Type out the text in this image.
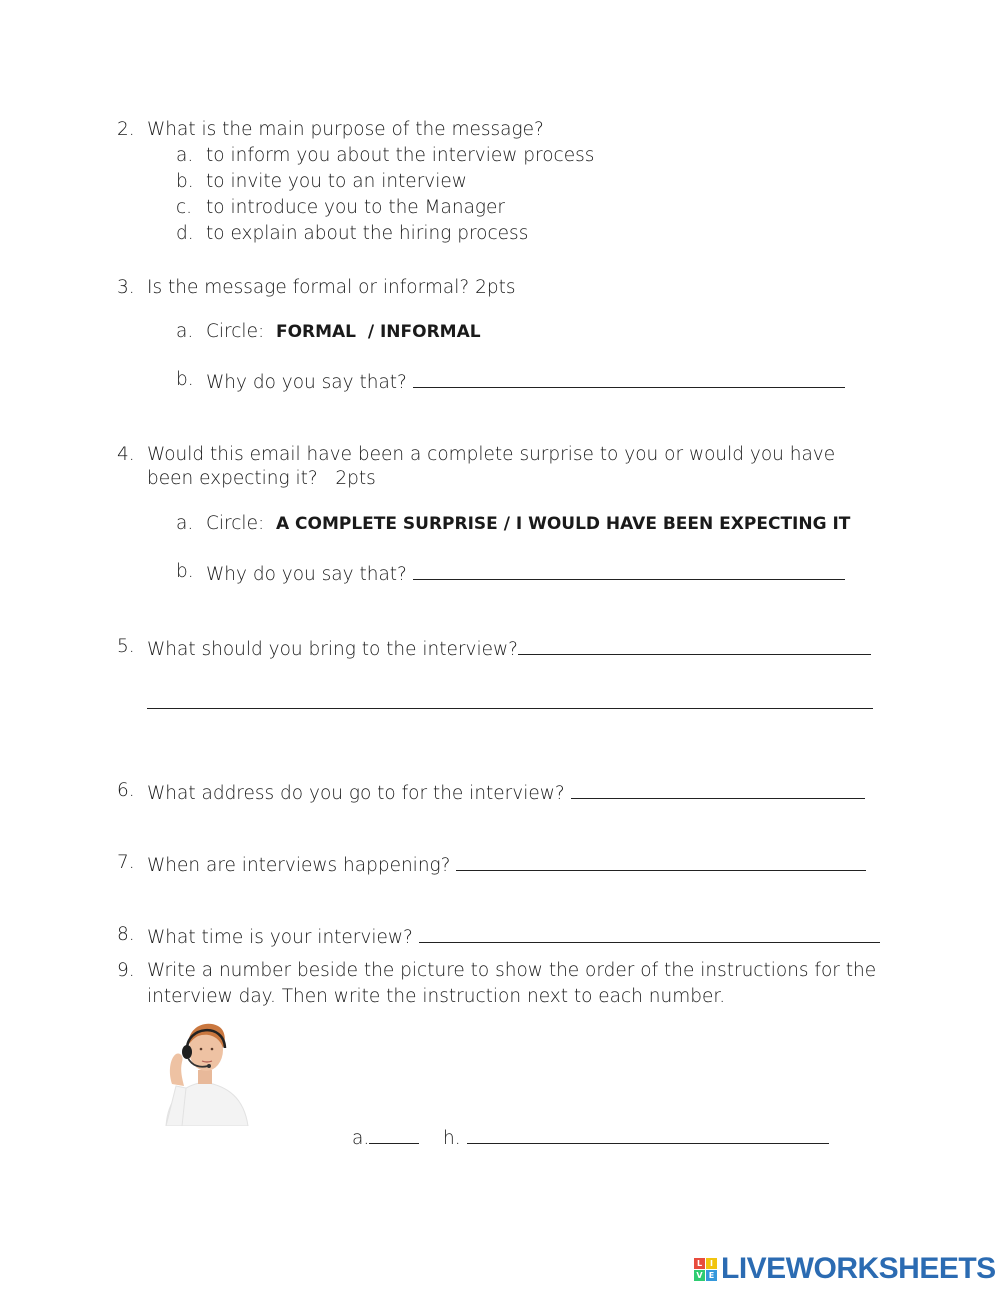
2. What is the main purpose of the message?
a. to inform you about the interview process
b. to invite you to an interview
c. to introduce you to the Manager
d. to explain about the hiring process
3. Is the message formal or informal? 2pts
a. Circle: FORMAL  / INFORMAL
b. Why do you say that?
4. Would this email have been a complete surprise to you or would you have
been expecting it?   2pts
a. Circle: A COMPLETE SURPRISE / I WOULD HAVE BEEN EXPECTING IT
b. Why do you say that?
5. What should you bring to the interview?
6. What address do you go to for the interview?
7. When are interviews happening?
8. What time is your interview?
9. Write a number beside the picture to show the order of the instructions for the
interview day. Then write the instruction next to each number.
a.	h.
L I
V E LIVEWORKSHEETS
